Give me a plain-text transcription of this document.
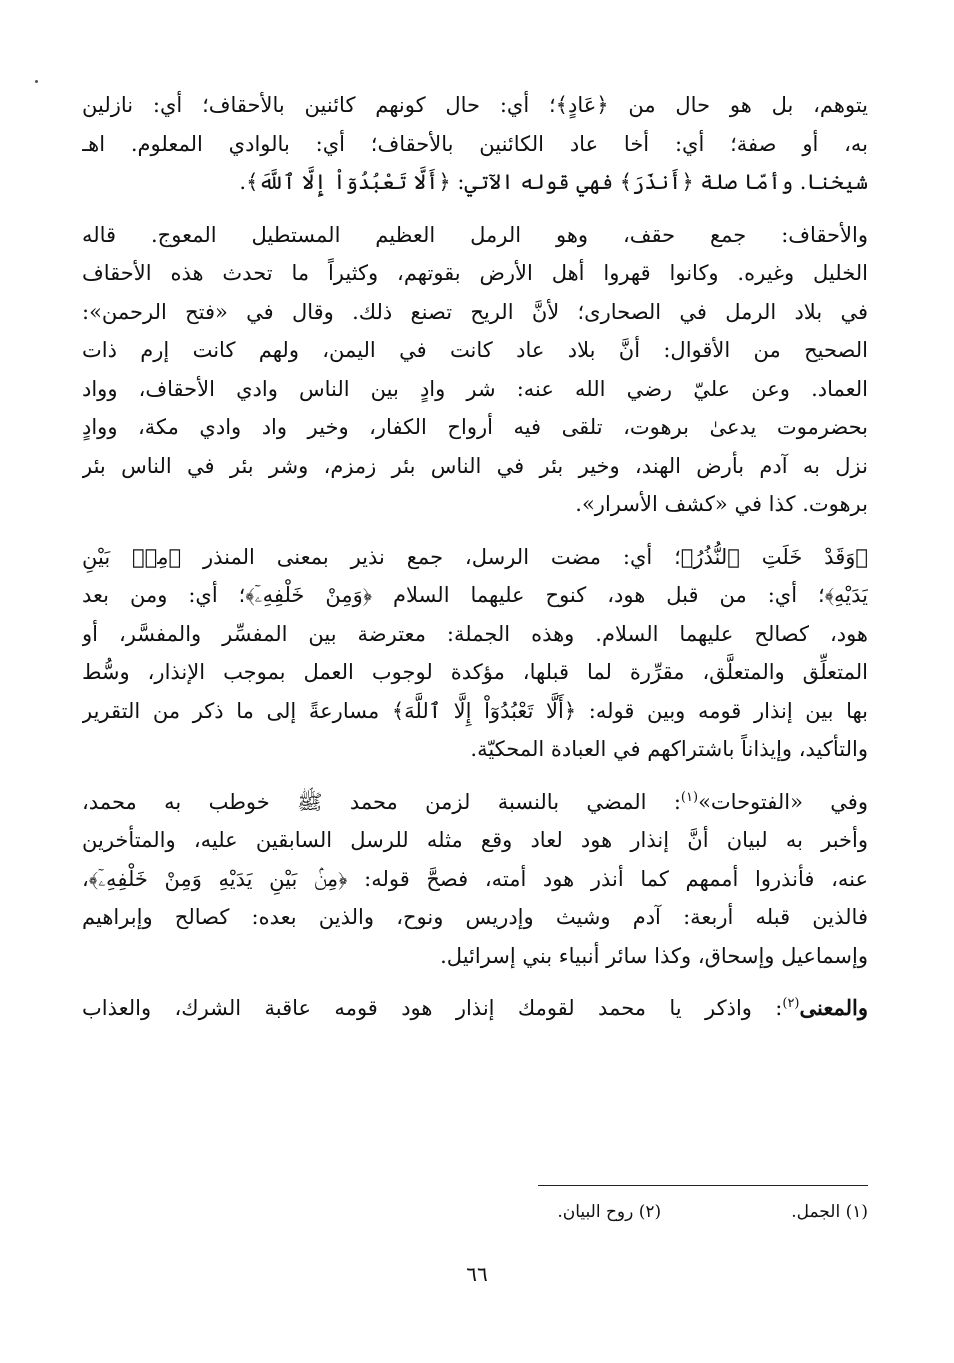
يتوهم، بل هو حال من ﴿عَادٍ﴾؛ أي: حال كونهم كائنين بالأحقاف؛ أي: نازلين
به، أو صفة؛ أي: أخا عاد الكائنين بالأحقاف؛ أي: بالوادي المعلوم. اهـ
شيخنا. وأمّا صلة ﴿أَنذَرَ﴾ فهي قوله الآتي: ﴿أَلَّا تَعْبُدُوٓاْ إِلَّا ٱللَّهَ﴾.

والأحقاف: جمع حقف، وهو الرمل العظيم المستطيل المعوج. قاله
الخليل وغيره. وكانوا قهروا أهل الأرض بقوتهم، وكثيراً ما تحدث هذه الأحقاف
في بلاد الرمل في الصحارى؛ لأنَّ الريح تصنع ذلك. وقال في «فتح الرحمن»:
الصحيح من الأقوال: أنَّ بلاد عاد كانت في اليمن، ولهم كانت إرم ذات
العماد. وعن عليّ رضي الله عنه: شر وادٍ بين الناس وادي الأحقاف، وواد
بحضرموت يدعىٰ برهوت، تلقى فيه أرواح الكفار، وخير واد وادي مكة، ووادٍ
نزل به آدم بأرض الهند، وخير بئر في الناس بئر زمزم، وشر بئر في الناس بئر
برهوت. كذا في «كشف الأسرار».

﴿وَقَدْ خَلَتِ ٱلنُّذُرُ﴾؛ أي: مضت الرسل، جمع نذير بمعنى المنذر ﴿مِنۢ بَيْنِ
يَدَيْهِ﴾؛ أي: من قبل هود، كنوح عليهما السلام ﴿وَمِنْ خَلْفِهِۦٓ﴾؛ أي: ومن بعد
هود، كصالح عليهما السلام. وهذه الجملة: معترضة بين المفسِّر والمفسَّر، أو
المتعلِّق والمتعلَّق، مقرِّرة لما قبلها، مؤكدة لوجوب العمل بموجب الإنذار، وسُّط
بها بين إنذار قومه وبين قوله: ﴿أَلَّا تَعْبُدُوٓاْ إِلَّا ٱللَّهَ﴾ مسارعةً إلى ما ذكر من التقرير
والتأكيد، وإيذاناً باشتراكهم في العبادة المحكيّة.

وفي «الفتوحات»$^{(١)}$: المضي بالنسبة لزمن محمد ﷺ خوطب به محمد،
وأخبر به لبيان أنَّ إنذار هود لعاد وقع مثله للرسل السابقين عليه، والمتأخرين
عنه، فأنذروا أممهم كما أنذر هود أمته، فصحَّ قوله: ﴿مِنۢ بَيْنِ يَدَيْهِ وَمِنْ خَلْفِهِۦٓ﴾،
فالذين قبله أربعة: آدم وشيث وإدريس ونوح، والذين بعده: كصالح وإبراهيم
وإسماعيل وإسحاق، وكذا سائر أنبياء بني إسرائيل.

والمعنى$^{(٢)}$: واذكر يا محمد لقومك إنذار هود قومه عاقبة الشرك، والعذاب

(١) الجمل.
(٢) روح البيان.
٦٦
